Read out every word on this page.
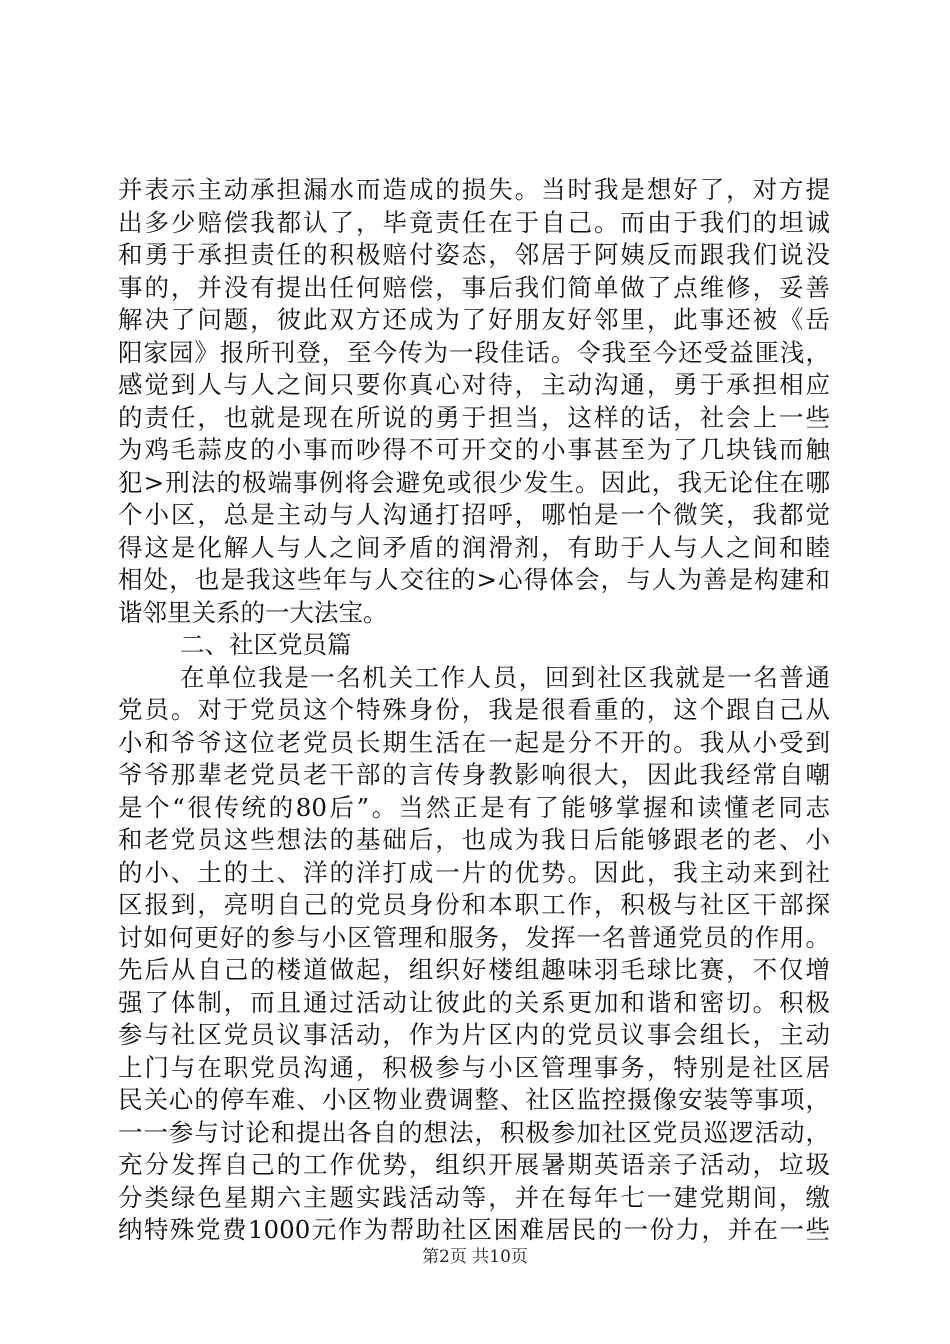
并表示主动承担漏水而造成的损失。当时我是想好了，对方提
出多少赔偿我都认了，毕竟责任在于自己。而由于我们的坦诚
和勇于承担责任的积极赔付姿态，邻居于阿姨反而跟我们说没
事的，并没有提出任何赔偿，事后我们简单做了点维修，妥善
解决了问题，彼此双方还成为了好朋友好邻里，此事还被《岳
阳家园》报所刊登，至今传为一段佳话。令我至今还受益匪浅，
感觉到人与人之间只要你真心对待，主动沟通，勇于承担相应
的责任，也就是现在所说的勇于担当，这样的话，社会上一些
为鸡毛蒜皮的小事而吵得不可开交的小事甚至为了几块钱而触
犯>刑法的极端事例将会避免或很少发生。因此，我无论住在哪
个小区，总是主动与人沟通打招呼，哪怕是一个微笑，我都觉
得这是化解人与人之间矛盾的润滑剂，有助于人与人之间和睦
相处，也是我这些年与人交往的>心得体会，与人为善是构建和
谐邻里关系的一大法宝。
二、社区党员篇
在单位我是一名机关工作人员，回到社区我就是一名普通
党员。对于党员这个特殊身份，我是很看重的，这个跟自己从
小和爷爷这位老党员长期生活在一起是分不开的。我从小受到
爷爷那辈老党员老干部的言传身教影响很大，因此我经常自嘲
是个“很传统的80后”。当然正是有了能够掌握和读懂老同志
和老党员这些想法的基础后，也成为我日后能够跟老的老、小
的小、土的土、洋的洋打成一片的优势。因此，我主动来到社
区报到，亮明自己的党员身份和本职工作，积极与社区干部探
讨如何更好的参与小区管理和服务，发挥一名普通党员的作用。
先后从自己的楼道做起，组织好楼组趣味羽毛球比赛，不仅增
强了体制，而且通过活动让彼此的关系更加和谐和密切。积极
参与社区党员议事活动，作为片区内的党员议事会组长，主动
上门与在职党员沟通，积极参与小区管理事务，特别是社区居
民关心的停车难、小区物业费调整、社区监控摄像安装等事项，
一一参与讨论和提出各自的想法，积极参加社区党员巡逻活动，
充分发挥自己的工作优势，组织开展暑期英语亲子活动，垃圾
分类绿色星期六主题实践活动等，并在每年七一建党期间，缴
纳特殊党费1000元作为帮助社区困难居民的一份力，并在一些
第2页 共10页
